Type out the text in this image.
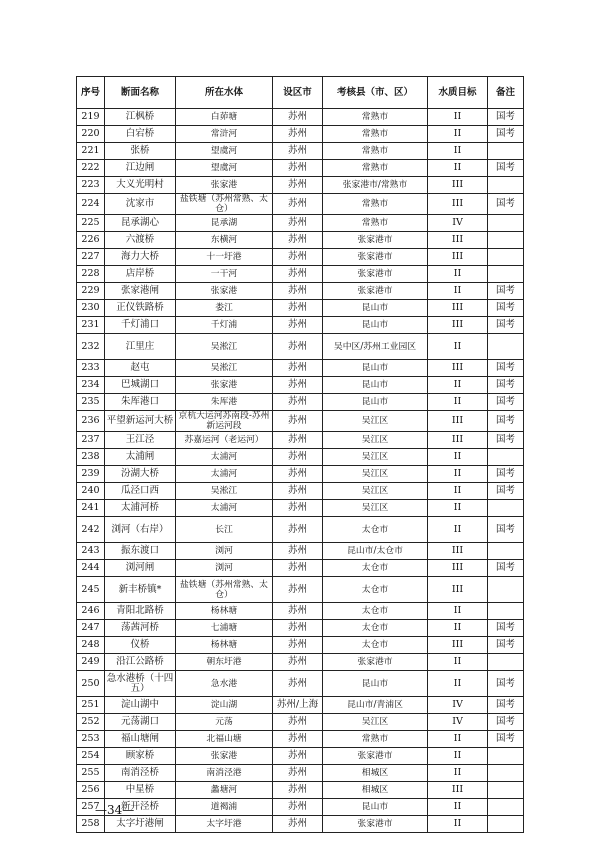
序号	断面名称	所在水体	设区市	考核县（市、区）	水质目标	备注
219	江枫桥	白茆塘	苏州	常熟市	II	国考
220	白宕桥	常浒河	苏州	常熟市	II	国考
221	张桥	望虞河	苏州	常熟市	II	
222	江边闸	望虞河	苏州	常熟市	II	国考
223	大义光明村	张家港	苏州	张家港市/常熟市	III	
224	沈家市	盐铁塘（苏州常熟、太仓）	苏州	常熟市	III	国考
225	昆承湖心	昆承湖	苏州	常熟市	IV	
226	六渡桥	东横河	苏州	张家港市	III	
227	海力大桥	十一圩港	苏州	张家港市	III	
228	店岸桥	一干河	苏州	张家港市	II	
229	张家港闸	张家港	苏州	张家港市	II	国考
230	正仪铁路桥	娄江	苏州	昆山市	III	国考
231	千灯浦口	千灯浦	苏州	昆山市	III	国考
232	江里庄	吴淞江	苏州	吴中区/苏州工业园区	II	
233	赵屯	吴淞江	苏州	昆山市	III	国考
234	巴城湖口	张家港	苏州	昆山市	II	国考
235	朱厍港口	朱厍港	苏州	昆山市	II	国考
236	平望新运河大桥	京杭大运河苏南段-苏州新运河段	苏州	吴江区	III	国考
237	王江泾	苏嘉运河（老运河）	苏州	吴江区	III	国考
238	太浦闸	太浦河	苏州	吴江区	II	
239	汾湖大桥	太浦河	苏州	吴江区	II	国考
240	瓜泾口西	吴淞江	苏州	吴江区	II	国考
241	太浦河桥	太浦河	苏州	吴江区	II	
242	浏河（右岸）	长江	苏州	太仓市	II	国考
243	振东渡口	浏河	苏州	昆山市/太仓市	III	
244	浏河闸	浏河	苏州	太仓市	III	国考
245	新丰桥镇*	盐铁塘（苏州常熟、太仓）	苏州	太仓市	III	
246	青阳北路桥	杨林塘	苏州	太仓市	II	
247	荡茜河桥	七浦塘	苏州	太仓市	II	国考
248	仪桥	杨林塘	苏州	太仓市	III	国考
249	沿江公路桥	朝东圩港	苏州	张家港市	II	
250	急水港桥（十四五）	急水港	苏州	昆山市	II	国考
251	淀山湖中	淀山湖	苏州/上海	昆山市/青浦区	IV	国考
252	元荡湖口	元荡	苏州	吴江区	IV	国考
253	福山塘闸	北福山塘	苏州	常熟市	II	国考
254	顾家桥	张家港	苏州	张家港市	II	
255	南消泾桥	南消泾港	苏州	相城区	II	
256	中星桥	蠡塘河	苏州	相城区	III	
257	新开泾桥	道褐浦	苏州	昆山市	II	
258	太字圩港闸	太字圩港	苏州	张家港市	II	
—34—
